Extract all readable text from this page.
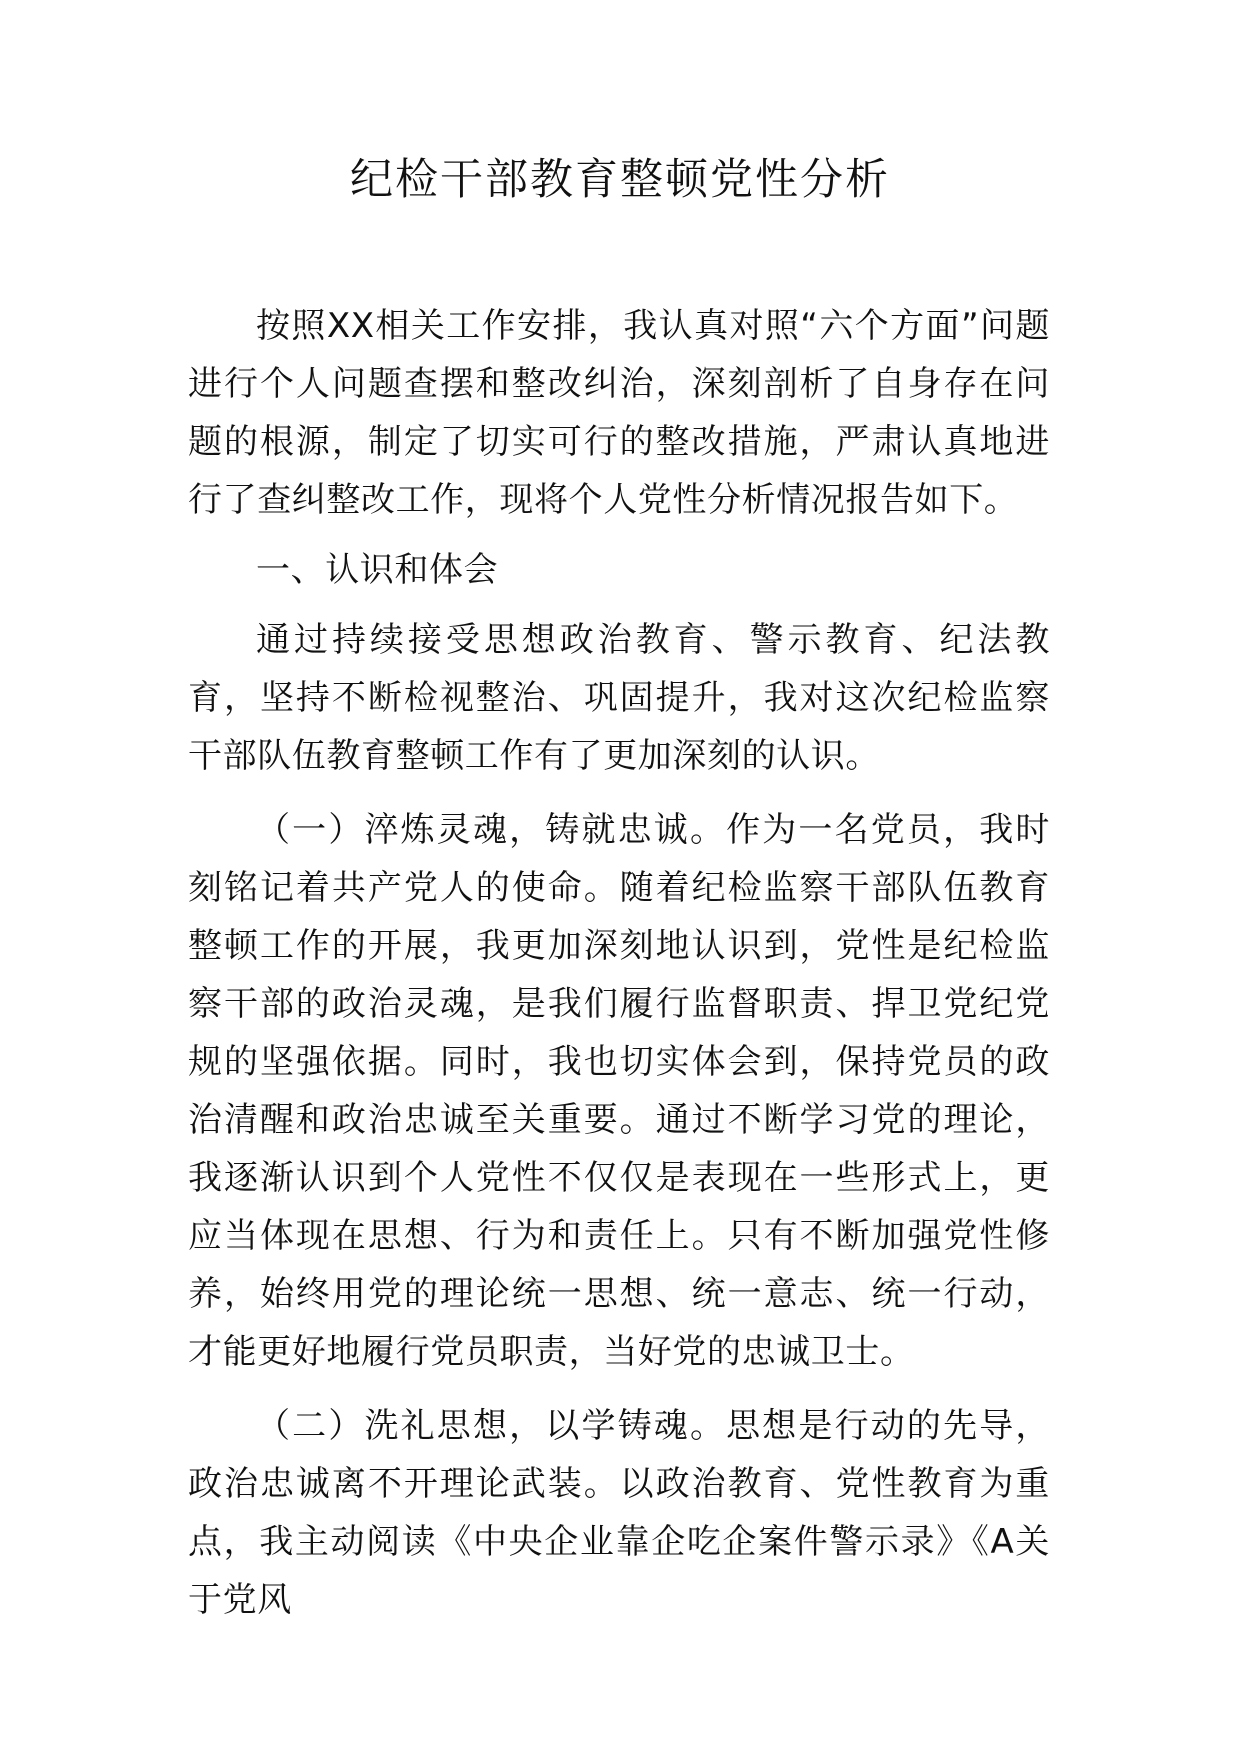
纪检干部教育整顿党性分析

按照XX相关工作安排，我认真对照“六个方面”问题进行个人问题查摆和整改纠治，深刻剖析了自身存在问题的根源，制定了切实可行的整改措施，严肃认真地进行了查纠整改工作，现将个人党性分析情况报告如下。

一、认识和体会

通过持续接受思想政治教育、警示教育、纪法教育，坚持不断检视整治、巩固提升，我对这次纪检监察干部队伍教育整顿工作有了更加深刻的认识。

（一）淬炼灵魂，铸就忠诚。作为一名党员，我时刻铭记着共产党人的使命。随着纪检监察干部队伍教育整顿工作的开展，我更加深刻地认识到，党性是纪检监察干部的政治灵魂，是我们履行监督职责、捍卫党纪党规的坚强依据。同时，我也切实体会到，保持党员的政治清醒和政治忠诚至关重要。通过不断学习党的理论，我逐渐认识到个人党性不仅仅是表现在一些形式上，更应当体现在思想、行为和责任上。只有不断加强党性修养，始终用党的理论统一思想、统一意志、统一行动，才能更好地履行党员职责，当好党的忠诚卫士。

（二）洗礼思想，以学铸魂。思想是行动的先导，政治忠诚离不开理论武装。以政治教育、党性教育为重点，我主动阅读《中央企业靠企吃企案件警示录》《A关于党风
